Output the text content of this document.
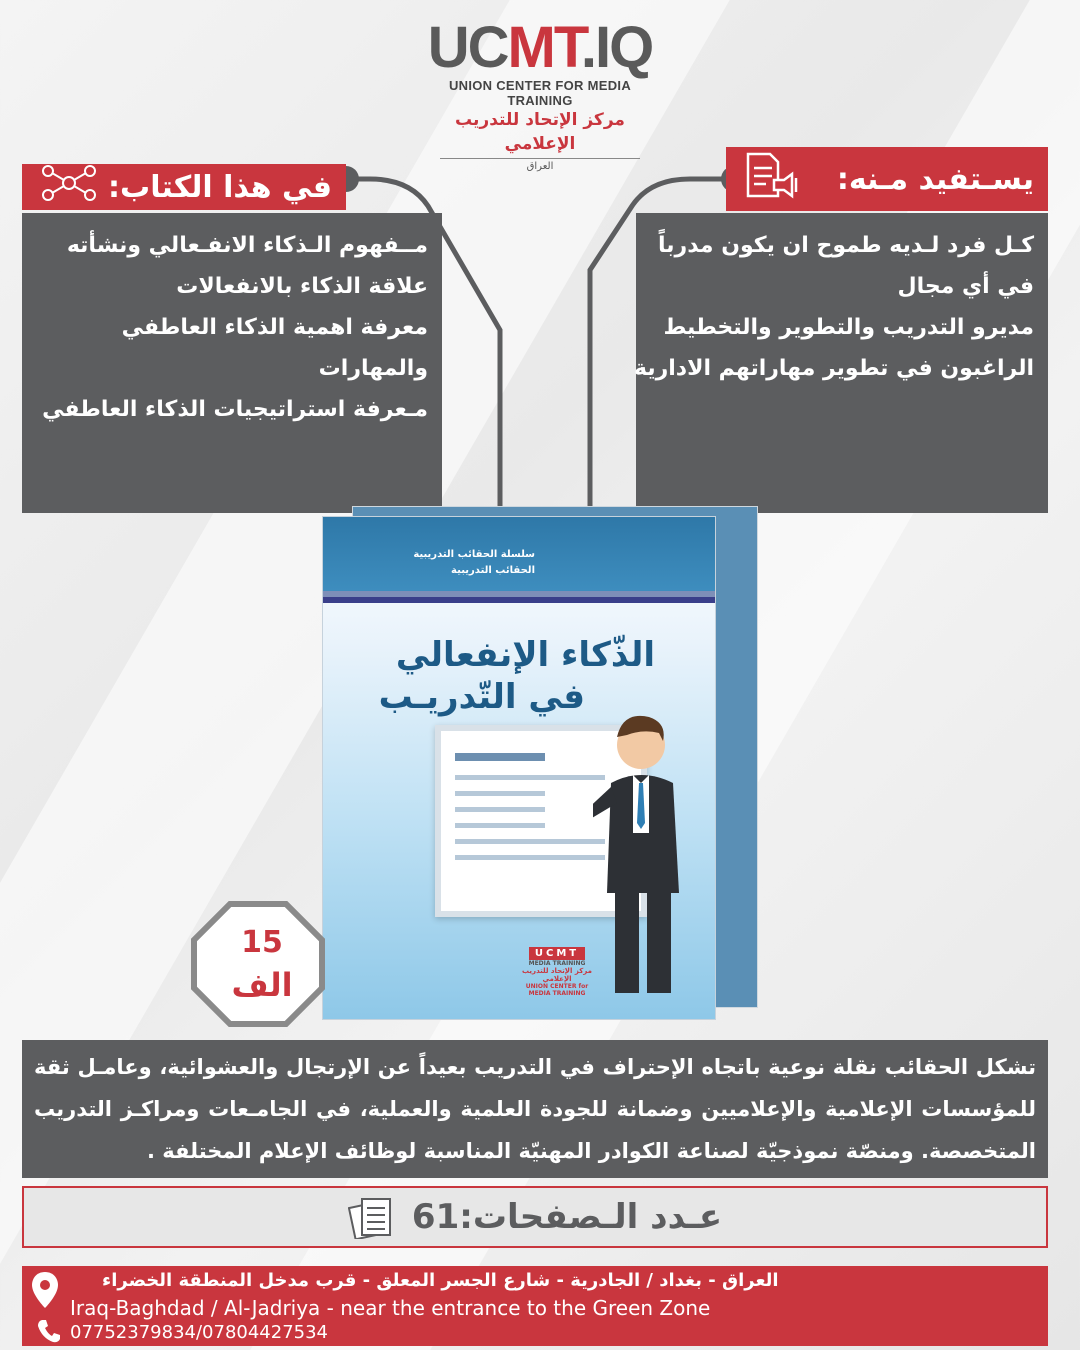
UCMT.IQ
UNION CENTER FOR MEDIA TRAINING
مركز الإتحاد للتدريب الإعلامي
العراق
في هذا الكتاب:	يسـتفيد مـنه:
مــفهوم الـذكاء الانفـعالي ونشأته
علاقة الذكاء بالانفعالات
معرفة اهمية الذكاء العاطفي
والمهارات
مـعرفة استراتيجيات الذكاء العاطفي
كـل فرد لـديه طموح ان يكون مدرباً
في أي مجال
مديرو التدريب والتطوير والتخطيط
الراغبون في تطوير مهاراتهم الادارية
سلسلة الحقائب التدريبية
الحقائب التدريبية
الذّكاء الإنفعالي
في التّدريـب
UCMT
MEDIA TRAINING
مركز الإتحاد للتدريب الإعلامي
UNION CENTER for MEDIA TRAINING
15
الف
تشكل الحقائب نقلة نوعية باتجاه الإحتراف في التدريب بعيداً عن الإرتجال والعشوائية، وعامـل ثقة للمؤسسات الإعلامية والإعلاميين وضمانة للجودة العلمية والعملية، في الجامـعات ومراكـز التدريب المتخصصة. ومنصّة نموذجيّة لصناعة الكوادر المهنيّة المناسبة لوظائف الإعلام المختلفة .
عـدد الـصفحات:61
العراق - بغداد / الجادرية - شارع الجسر المعلق - قرب مدخل المنطقة الخضراء
Iraq-Baghdad / Al-Jadriya - near the entrance to the Green Zone
07752379834/07804427534
